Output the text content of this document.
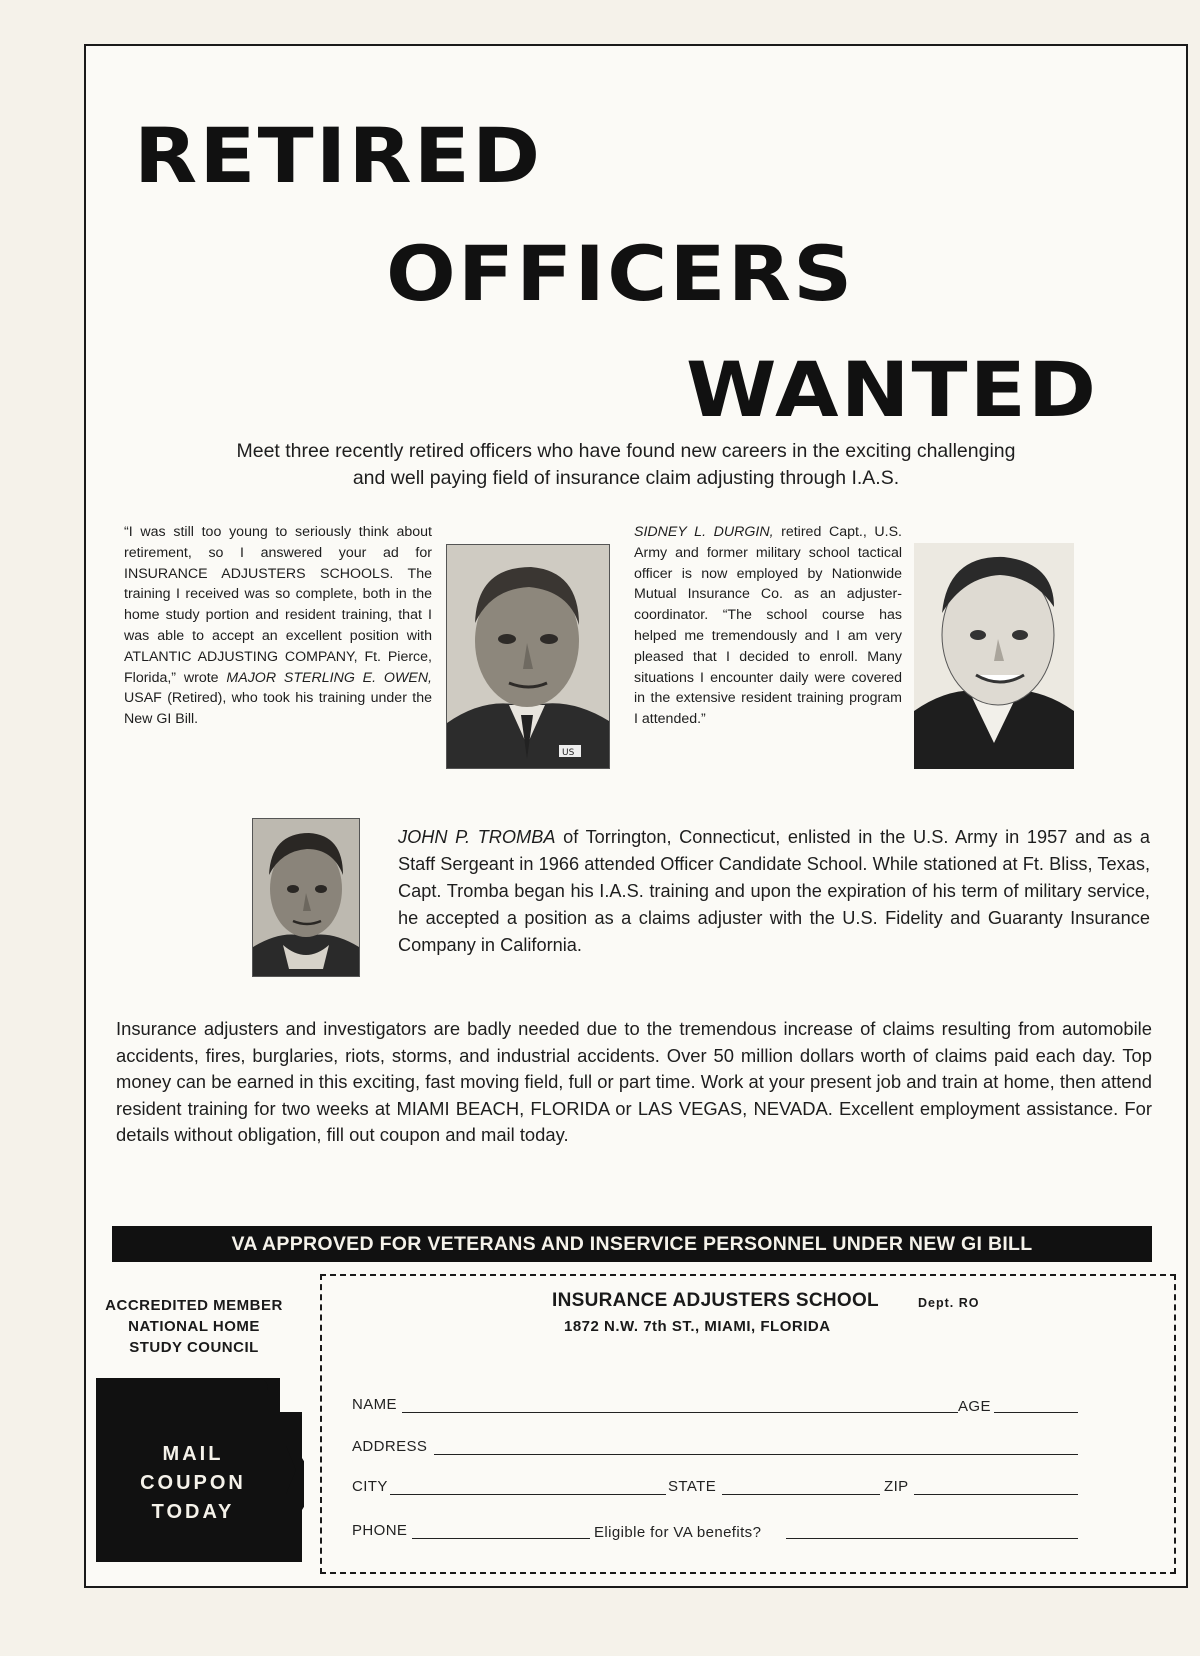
RETIRED
OFFICERS
WANTED
Meet three recently retired officers who have found new careers in the exciting challenging and well paying field of insurance claim adjusting through I.A.S.
“I was still too young to seriously think about retirement, so I answered your ad for INSURANCE ADJUSTERS SCHOOLS. The training I received was so complete, both in the home study portion and resident training, that I was able to accept an excellent position with ATLANTIC ADJUSTING COMPANY, Ft. Pierce, Florida,” wrote MAJOR STERLING E. OWEN, USAF (Retired), who took his training under the New GI Bill.
US
SIDNEY L. DURGIN, retired Capt., U.S. Army and former military school tactical officer is now employed by Nationwide Mutual Insurance Co. as an adjuster-coordinator. “The school course has helped me tremendously and I am very pleased that I decided to enroll. Many situations I encounter daily were covered in the extensive resident training program I attended.”
JOHN P. TROMBA of Torrington, Connecticut, enlisted in the U.S. Army in 1957 and as a Staff Sergeant in 1966 attended Officer Candidate School. While stationed at Ft. Bliss, Texas, Capt. Tromba began his I.A.S. training and upon the expiration of his term of military service, he accepted a position as a claims adjuster with the U.S. Fidelity and Guaranty Insurance Company in California.
Insurance adjusters and investigators are badly needed due to the tremendous increase of claims resulting from automobile accidents, fires, burglaries, riots, storms, and industrial accidents. Over 50 million dollars worth of claims paid each day. Top money can be earned in this exciting, fast moving field, full or part time. Work at your present job and train at home, then attend resident training for two weeks at MIAMI BEACH, FLORIDA or LAS VEGAS, NEVADA. Excellent employment assistance. For details without obligation, fill out coupon and mail today.
VA APPROVED FOR VETERANS AND INSERVICE PERSONNEL UNDER NEW GI BILL
ACCREDITED MEMBER
NATIONAL HOME
STUDY COUNCIL
MAIL
COUPON
TODAY
INSURANCE ADJUSTERS SCHOOL	Dept. RO
1872 N.W. 7th ST., MIAMI, FLORIDA
NAME	AGE
ADDRESS
CITY	STATE	ZIP
PHONE	Eligible for VA benefits?
